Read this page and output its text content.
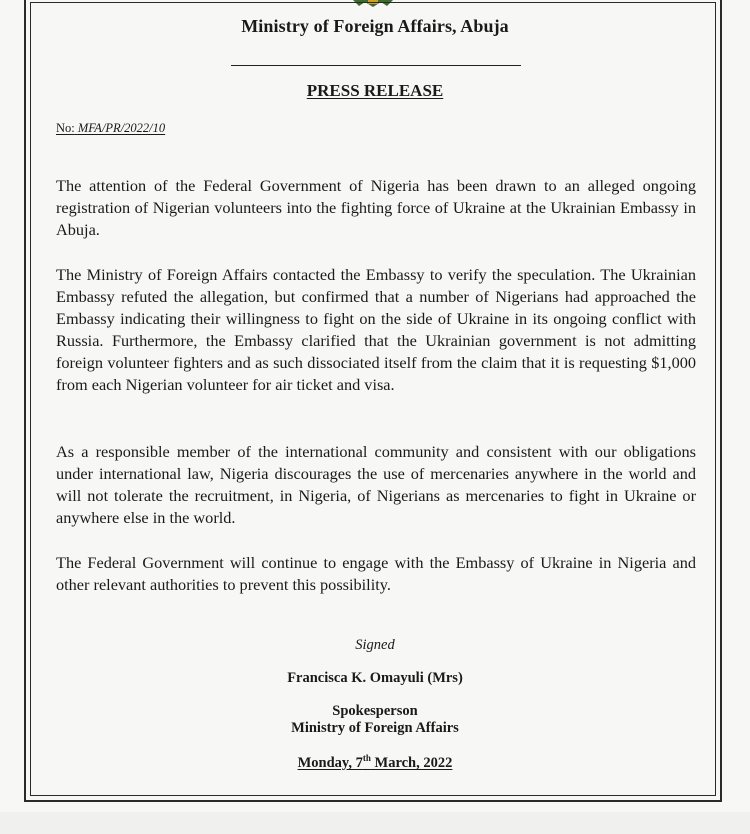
Ministry of Foreign Affairs, Abuja
PRESS RELEASE
No: MFA/PR/2022/10
The attention of the Federal Government of Nigeria has been drawn to an alleged ongoing registration of Nigerian volunteers into the fighting force of Ukraine at the Ukrainian Embassy in Abuja.
The Ministry of Foreign Affairs contacted the Embassy to verify the speculation. The Ukrainian Embassy refuted the allegation, but confirmed that a number of Nigerians had approached the Embassy indicating their willingness to fight on the side of Ukraine in its ongoing conflict with Russia. Furthermore, the Embassy clarified that the Ukrainian government is not admitting foreign volunteer fighters and as such dissociated itself from the claim that it is requesting $1,000 from each Nigerian volunteer for air ticket and visa.
As a responsible member of the international community and consistent with our obligations under international law, Nigeria discourages the use of mercenaries anywhere in the world and will not tolerate the recruitment, in Nigeria, of Nigerians as mercenaries to fight in Ukraine or anywhere else in the world.
The Federal Government will continue to engage with the Embassy of Ukraine in Nigeria and other relevant authorities to prevent this possibility.
Signed
Francisca K. Omayuli (Mrs)
Spokesperson
Ministry of Foreign Affairs
Monday, 7th March, 2022
